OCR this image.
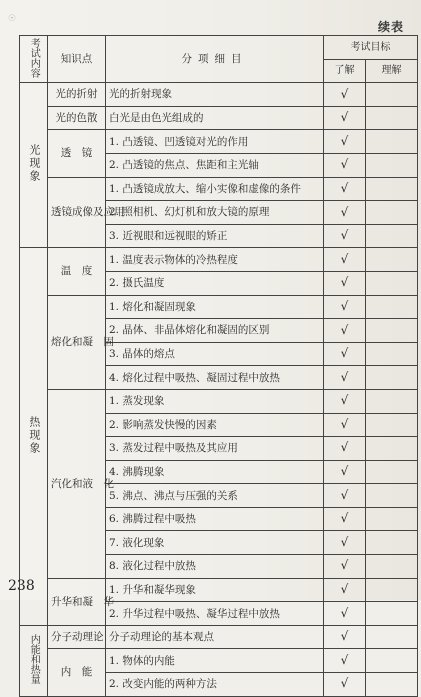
☉
续表
考试内容	知识点	分项细目	考试目标	
			了解	理解
光现象	光的折射	光的折射现象	√	
	光的色散	白光是由色光组成的	√	
	透　镜	1. 凸透镜、凹透镜对光的作用	√	
		2. 凸透镜的焦点、焦距和主光轴	√	
	透镜成像及应用	1. 凸透镜成放大、缩小实像和虚像的条件	√	
		2. 照相机、幻灯机和放大镜的原理	√	
		3. 近视眼和远视眼的矫正	√	
热现象	温　度	1. 温度表示物体的冷热程度	√	
		2. 摄氏温度	√	
	熔化和凝　固	1. 熔化和凝固现象	√	
		2. 晶体、非晶体熔化和凝固的区别	√	
		3. 晶体的熔点	√	
		4. 熔化过程中吸热、凝固过程中放热	√	
	汽化和液　化	1. 蒸发现象	√	
		2. 影响蒸发快慢的因素	√	
		3. 蒸发过程中吸热及其应用	√	
		4. 沸腾现象	√	
		5. 沸点、沸点与压强的关系	√	
		6. 沸腾过程中吸热	√	
		7. 液化现象	√	
		8. 液化过程中放热	√	
	升华和凝　华	1. 升华和凝华现象	√	
		2. 升华过程中吸热、凝华过程中放热	√	
内能和热量	分子动理论	分子动理论的基本观点	√	
	内　能	1. 物体的内能	√	
		2. 改变内能的两种方法	√	
238
